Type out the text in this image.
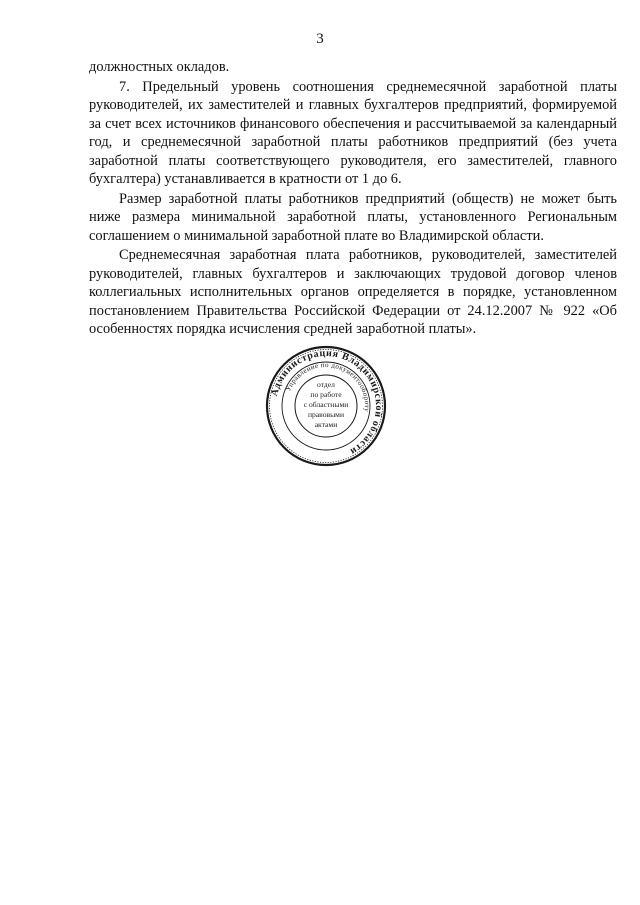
3

должностных окладов.

7. Предельный уровень соотношения среднемесячной заработной платы руководителей, их заместителей и главных бухгалтеров предприятий, формируемой за счет всех источников финансового обеспечения и рассчитываемой за календарный год, и среднемесячной заработной платы работников предприятий (без учета заработной платы соответствующего руководителя, его заместителей, главного бухгалтера) устанавливается в кратности от 1 до 6.

Размер заработной платы работников предприятий (обществ) не может быть ниже размера минимальной заработной платы, установленного Региональным соглашением о минимальной заработной плате во Владимирской области.

Среднемесячная заработная плата работников, руководителей, заместителей руководителей, главных бухгалтеров и заключающих трудовой договор членов коллегиальных исполнительных органов определяется в порядке, установленном постановлением Правительства Российской Федерации от 24.12.2007 № 922 «Об особенностях порядка исчисления средней заработной платы».

Администрация Владимирской области
Управление по документообороту
отдел
по работе
с областными
правовыми
актами
